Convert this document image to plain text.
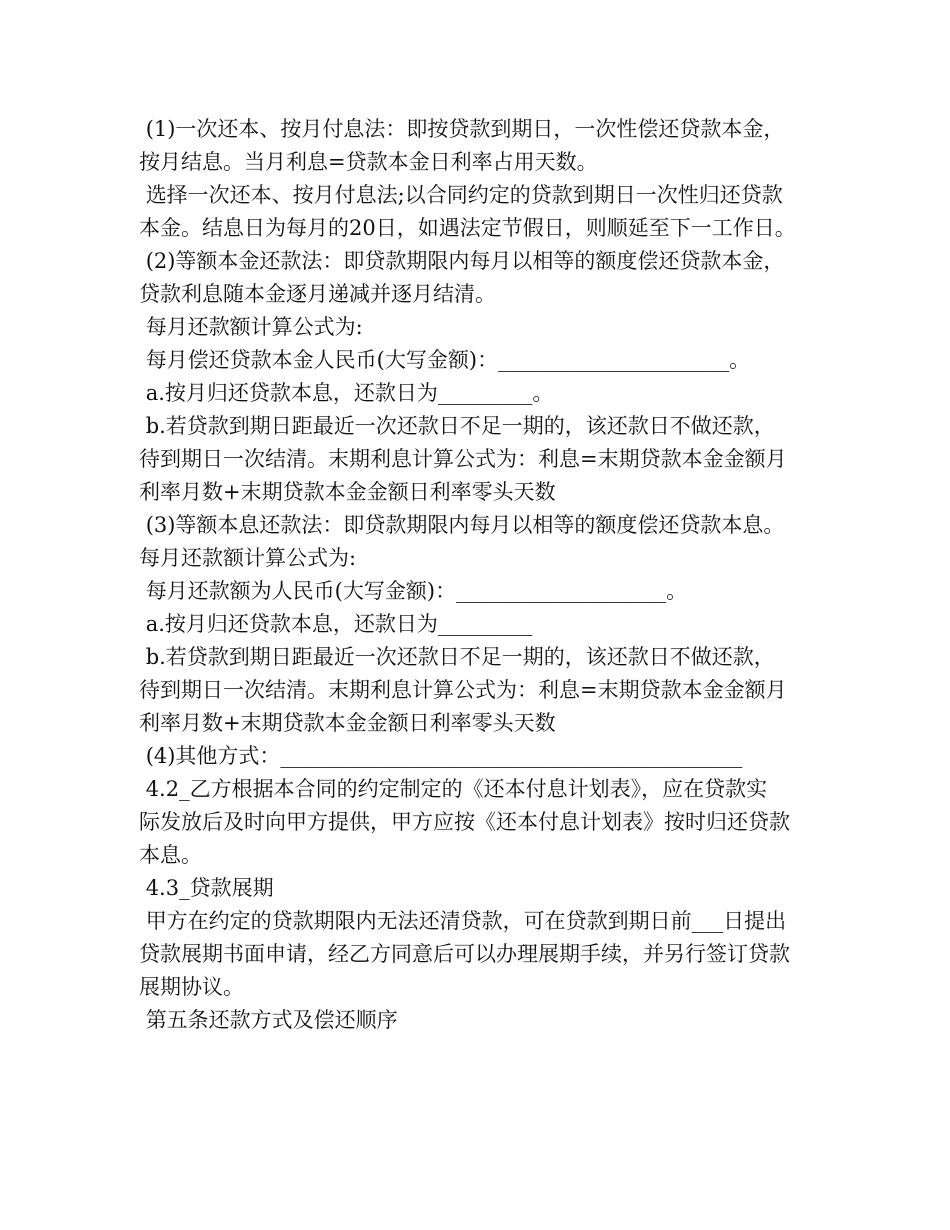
(1)一次还本、按月付息法：即按贷款到期日，一次性偿还贷款本金，
按月结息。当月利息=贷款本金日利率占用天数。

选择一次还本、按月付息法;以合同约定的贷款到期日一次性归还贷款
本金。结息日为每月的20日，如遇法定节假日，则顺延至下一工作日。

(2)等额本金还款法：即贷款期限内每月以相等的额度偿还贷款本金，
贷款利息随本金逐月递减并逐月结清。

每月还款额计算公式为:

每月偿还贷款本金人民币(大写金额)：______________________。

a.按月归还贷款本息，还款日为_________。

b.若贷款到期日距最近一次还款日不足一期的，该还款日不做还款，
待到期日一次结清。末期利息计算公式为：利息=末期贷款本金金额月
利率月数+末期贷款本金金额日利率零头天数

(3)等额本息还款法：即贷款期限内每月以相等的额度偿还贷款本息。
每月还款额计算公式为:

每月还款额为人民币(大写金额)：____________________。

a.按月归还贷款本息，还款日为_________

b.若贷款到期日距最近一次还款日不足一期的，该还款日不做还款，
待到期日一次结清。末期利息计算公式为：利息=末期贷款本金金额月
利率月数+末期贷款本金金额日利率零头天数

(4)其他方式：____________________________________________

4.2_乙方根据本合同的约定制定的《还本付息计划表》，应在贷款实
际发放后及时向甲方提供，甲方应按《还本付息计划表》按时归还贷款
本息。

4.3_贷款展期

甲方在约定的贷款期限内无法还清贷款，可在贷款到期日前___日提出
贷款展期书面申请，经乙方同意后可以办理展期手续，并另行签订贷款
展期协议。

第五条还款方式及偿还顺序
